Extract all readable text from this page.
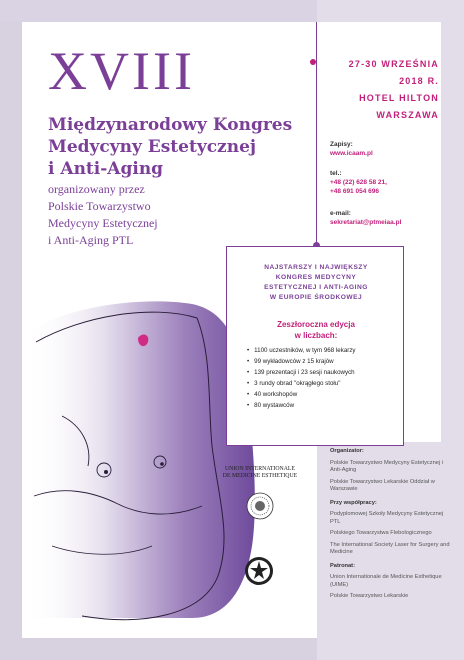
XVIII
Międzynarodowy Kongres
Medycyny Estetycznej
i Anti-Aging
organizowany przez
Polskie Towarzystwo
Medycyny Estetycznej
i Anti-Aging PTL
27-30 WRZEŚNIA
2018 R.
HOTEL HILTON
WARSZAWA
Zapisy:
www.icaam.pl
tel.:
+48 (22) 628 58 21,
+48 691 054 696
e-mail:
sekretariat@ptmeiaa.pl
NAJSTARSZY I NAJWIĘKSZY
KONGRES MEDYCYNY
ESTETYCZNEJ I ANTI-AGING
W EUROPIE ŚRODKOWEJ
Zeszłoroczna edycja
w liczbach:
• 1100 uczestników, w tym 968 lekarzy
• 99 wykładowców z 15 krajów
• 139 prezentacji i 23 sesji naukowych
• 3 rundy obrad "okrągłego stołu"
• 40 workshopów
• 80 wystawców
UNION INTERNATIONALE
DE MEDICINE ESTHETIQUE
Organizator:
Polskie Towarzystwo Medycyny Estetycznej i Anti-Aging
Polskie Towarzystwo Lekarskie Oddział w Warszawie
Przy współpracy:
Podyplomowej Szkoły Medycyny Estetycznej PTL
Polskiego Towarzystwa Flebologicznego
The International Society Laser for Surgery and Medicine
Patronat:
Union Internationale de Medicine Esthetique (UIME)
Polskie Towarzystwo Lekarskie
